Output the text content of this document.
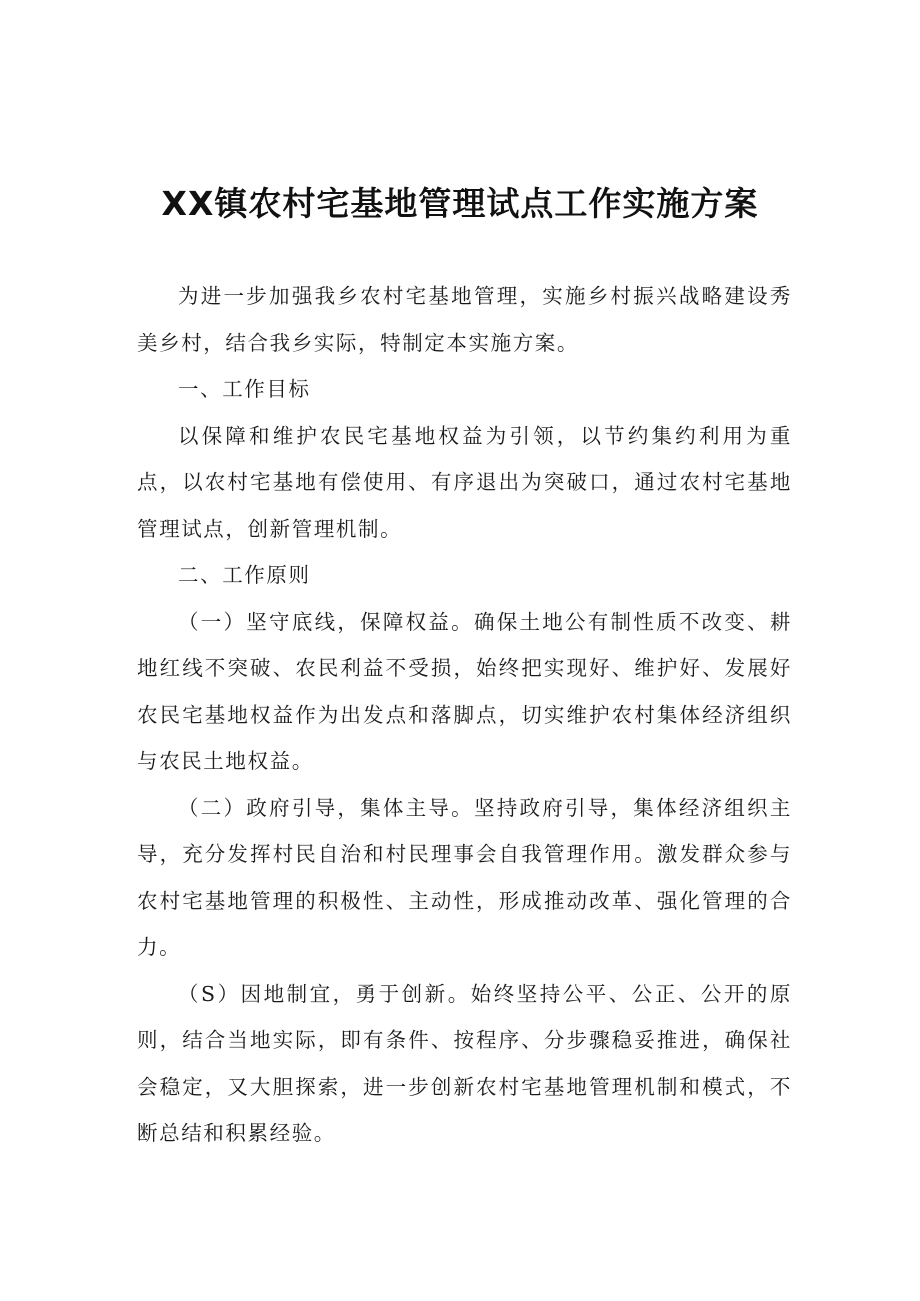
XX镇农村宅基地管理试点工作实施方案

为进一步加强我乡农村宅基地管理，实施乡村振兴战略建设秀美乡村，结合我乡实际，特制定本实施方案。

一、工作目标

以保障和维护农民宅基地权益为引领，以节约集约利用为重点，以农村宅基地有偿使用、有序退出为突破口，通过农村宅基地管理试点，创新管理机制。

二、工作原则

（一）坚守底线，保障权益。确保土地公有制性质不改变、耕地红线不突破、农民利益不受损，始终把实现好、维护好、发展好农民宅基地权益作为出发点和落脚点，切实维护农村集体经济组织与农民土地权益。

（二）政府引导，集体主导。坚持政府引导，集体经济组织主导，充分发挥村民自治和村民理事会自我管理作用。激发群众参与农村宅基地管理的积极性、主动性，形成推动改革、强化管理的合力。

（S）因地制宜，勇于创新。始终坚持公平、公正、公开的原则，结合当地实际，即有条件、按程序、分步骤稳妥推进，确保社会稳定，又大胆探索，进一步创新农村宅基地管理机制和模式，不断总结和积累经验。
